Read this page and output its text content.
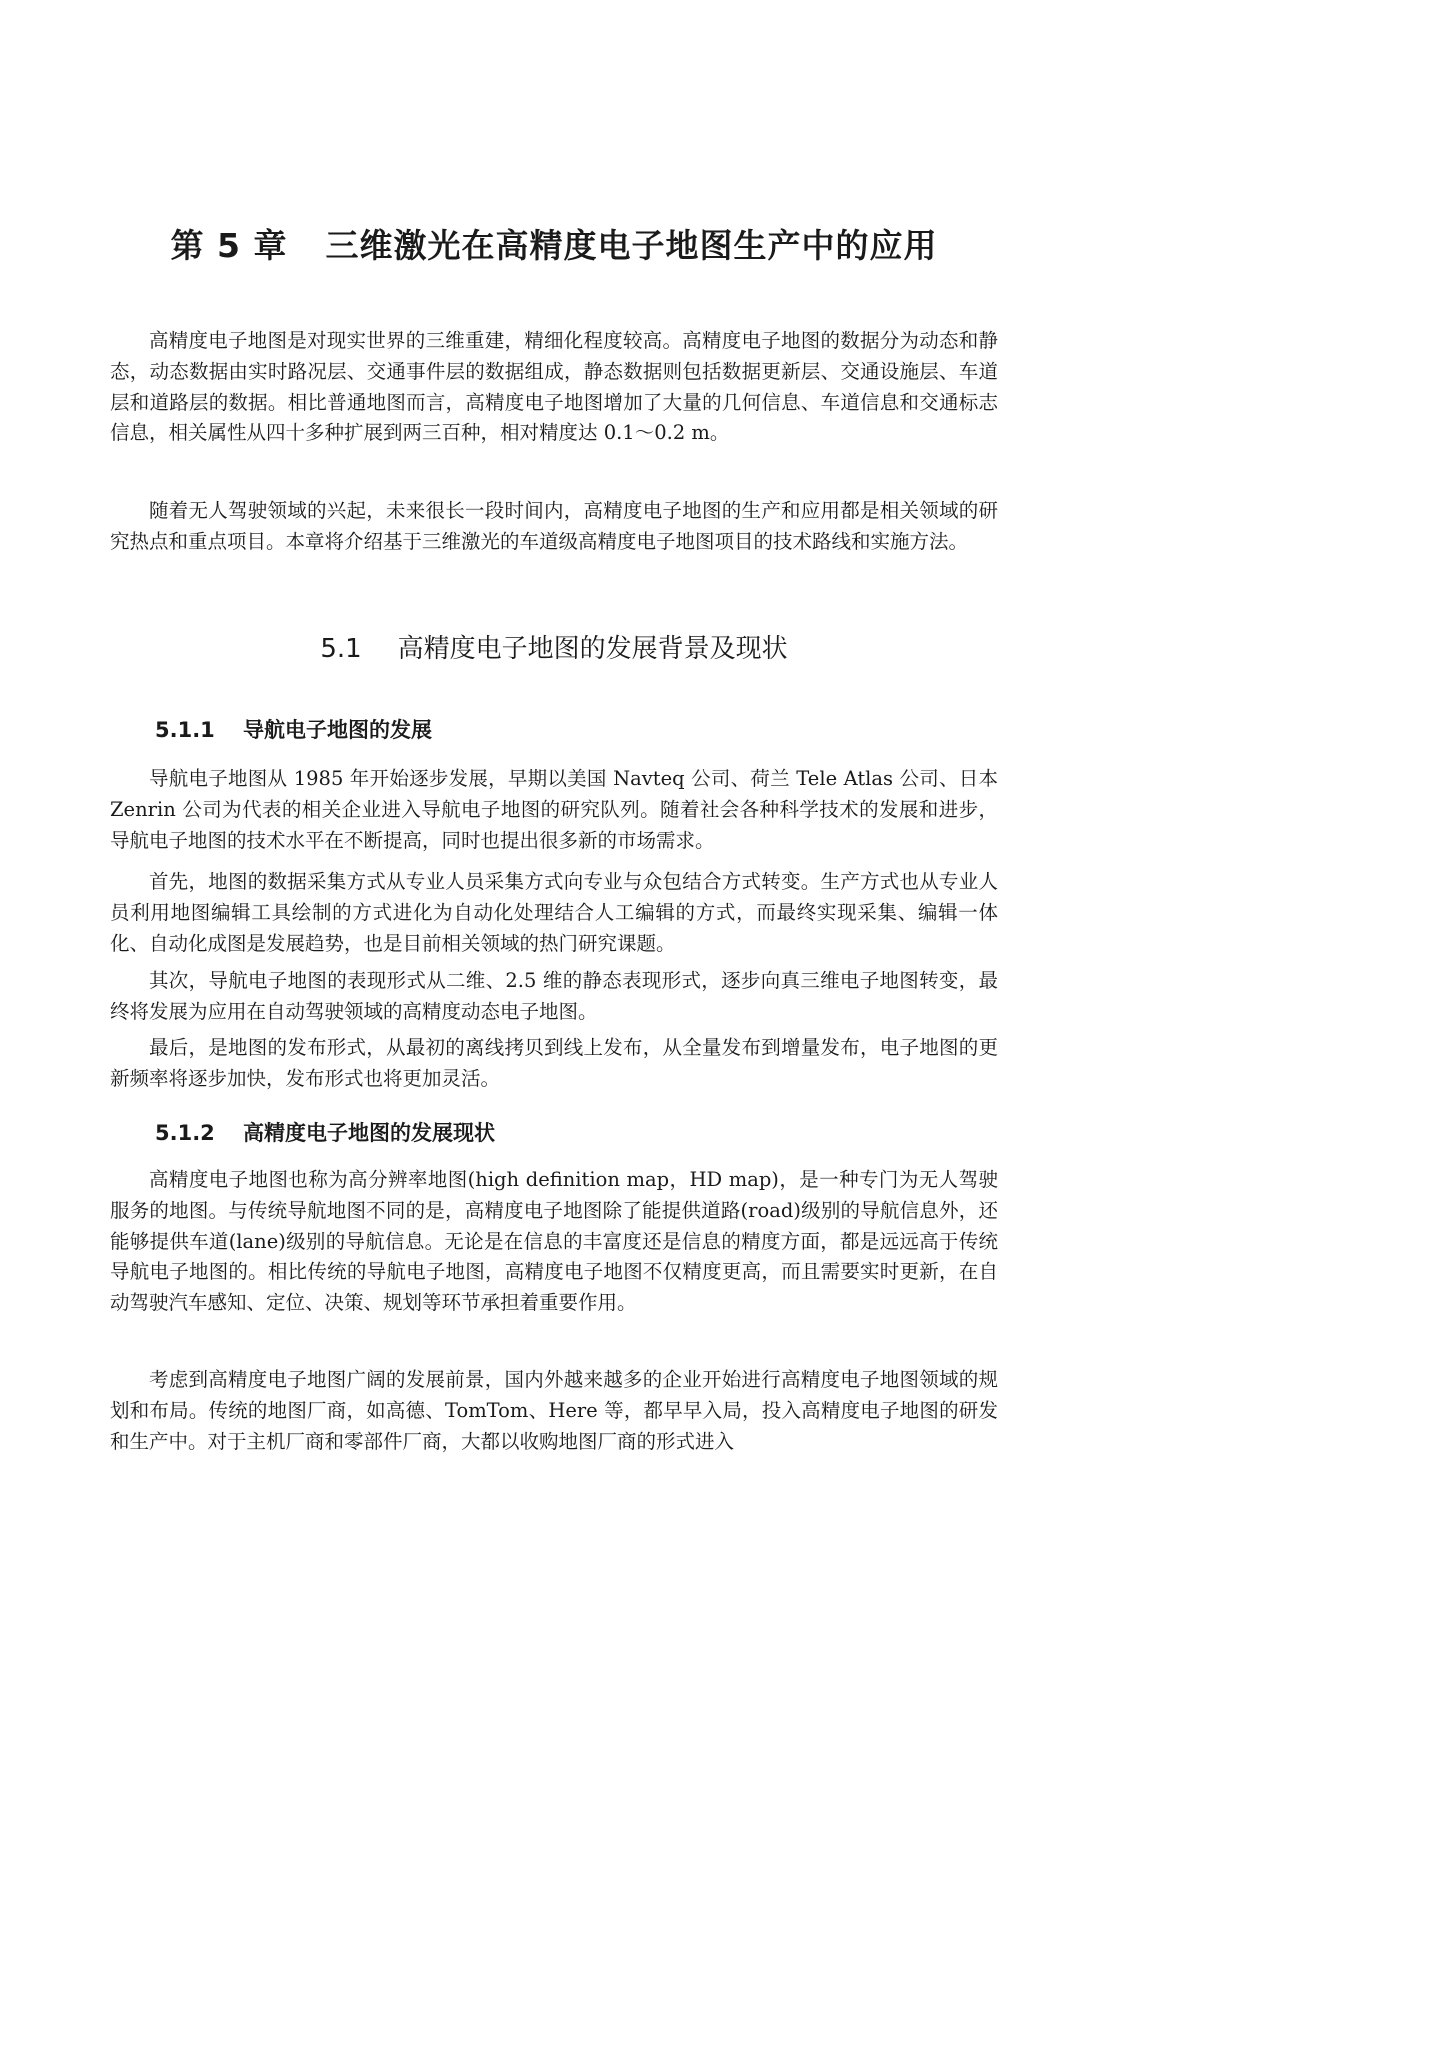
第 5 章 三维激光在高精度电子地图生产中的应用

高精度电子地图是对现实世界的三维重建，精细化程度较高。高精度电子地图的数据分为动态和静态，动态数据由实时路况层、交通事件层的数据组成，静态数据则包括数据更新层、交通设施层、车道层和道路层的数据。相比普通地图而言，高精度电子地图增加了大量的几何信息、车道信息和交通标志信息，相关属性从四十多种扩展到两三百种，相对精度达 0.1～0.2 m。

随着无人驾驶领域的兴起，未来很长一段时间内，高精度电子地图的生产和应用都是相关领域的研究热点和重点项目。本章将介绍基于三维激光的车道级高精度电子地图项目的技术路线和实施方法。

5.1 高精度电子地图的发展背景及现状
5.1.1 导航电子地图的发展

导航电子地图从 1985 年开始逐步发展，早期以美国 Navteq 公司、荷兰 Tele Atlas 公司、日本 Zenrin 公司为代表的相关企业进入导航电子地图的研究队列。随着社会各种科学技术的发展和进步，导航电子地图的技术水平在不断提高，同时也提出很多新的市场需求。

首先，地图的数据采集方式从专业人员采集方式向专业与众包结合方式转变。生产方式也从专业人员利用地图编辑工具绘制的方式进化为自动化处理结合人工编辑的方式，而最终实现采集、编辑一体化、自动化成图是发展趋势，也是目前相关领域的热门研究课题。

其次，导航电子地图的表现形式从二维、2.5 维的静态表现形式，逐步向真三维电子地图转变，最终将发展为应用在自动驾驶领域的高精度动态电子地图。

最后，是地图的发布形式，从最初的离线拷贝到线上发布，从全量发布到增量发布，电子地图的更新频率将逐步加快，发布形式也将更加灵活。

5.1.2 高精度电子地图的发展现状

高精度电子地图也称为高分辨率地图(high definition map，HD map)，是一种专门为无人驾驶服务的地图。与传统导航地图不同的是，高精度电子地图除了能提供道路(road)级别的导航信息外，还能够提供车道(lane)级别的导航信息。无论是在信息的丰富度还是信息的精度方面，都是远远高于传统导航电子地图的。相比传统的导航电子地图，高精度电子地图不仅精度更高，而且需要实时更新，在自动驾驶汽车感知、定位、决策、规划等环节承担着重要作用。

考虑到高精度电子地图广阔的发展前景，国内外越来越多的企业开始进行高精度电子地图领域的规划和布局。传统的地图厂商，如高德、TomTom、Here 等，都早早入局，投入高精度电子地图的研发和生产中。对于主机厂商和零部件厂商，大都以收购地图厂商的形式进入
